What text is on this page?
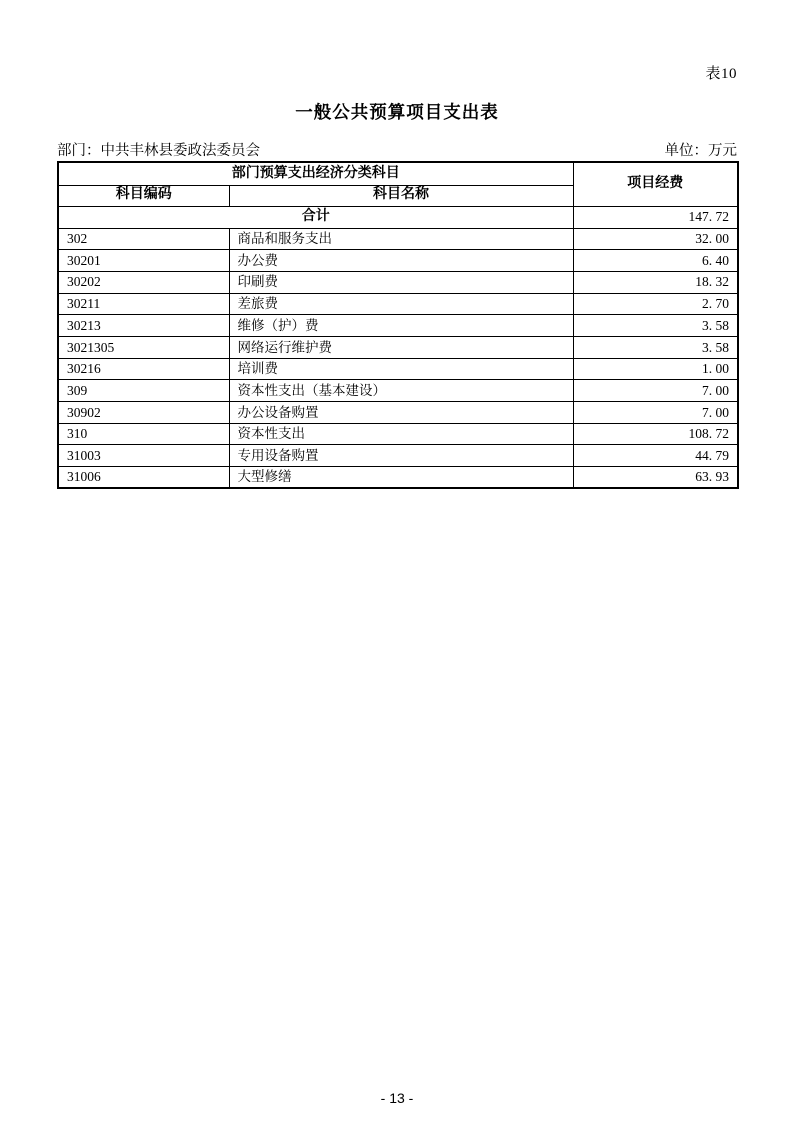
表10
一般公共预算项目支出表
部门：中共丰林县委政法委员会	单位：万元
部门预算支出经济分类科目		项目经费
科目编码	科目名称	
合计		147. 72
302	商品和服务支出	32. 00
30201	办公费	6. 40
30202	印刷费	18. 32
30211	差旅费	2. 70
30213	维修（护）费	3. 58
3021305	网络运行维护费	3. 58
30216	培训费	1. 00
309	资本性支出（基本建设）	7. 00
30902	办公设备购置	7. 00
310	资本性支出	108. 72
31003	专用设备购置	44. 79
31006	大型修缮	63. 93
- 13 -
